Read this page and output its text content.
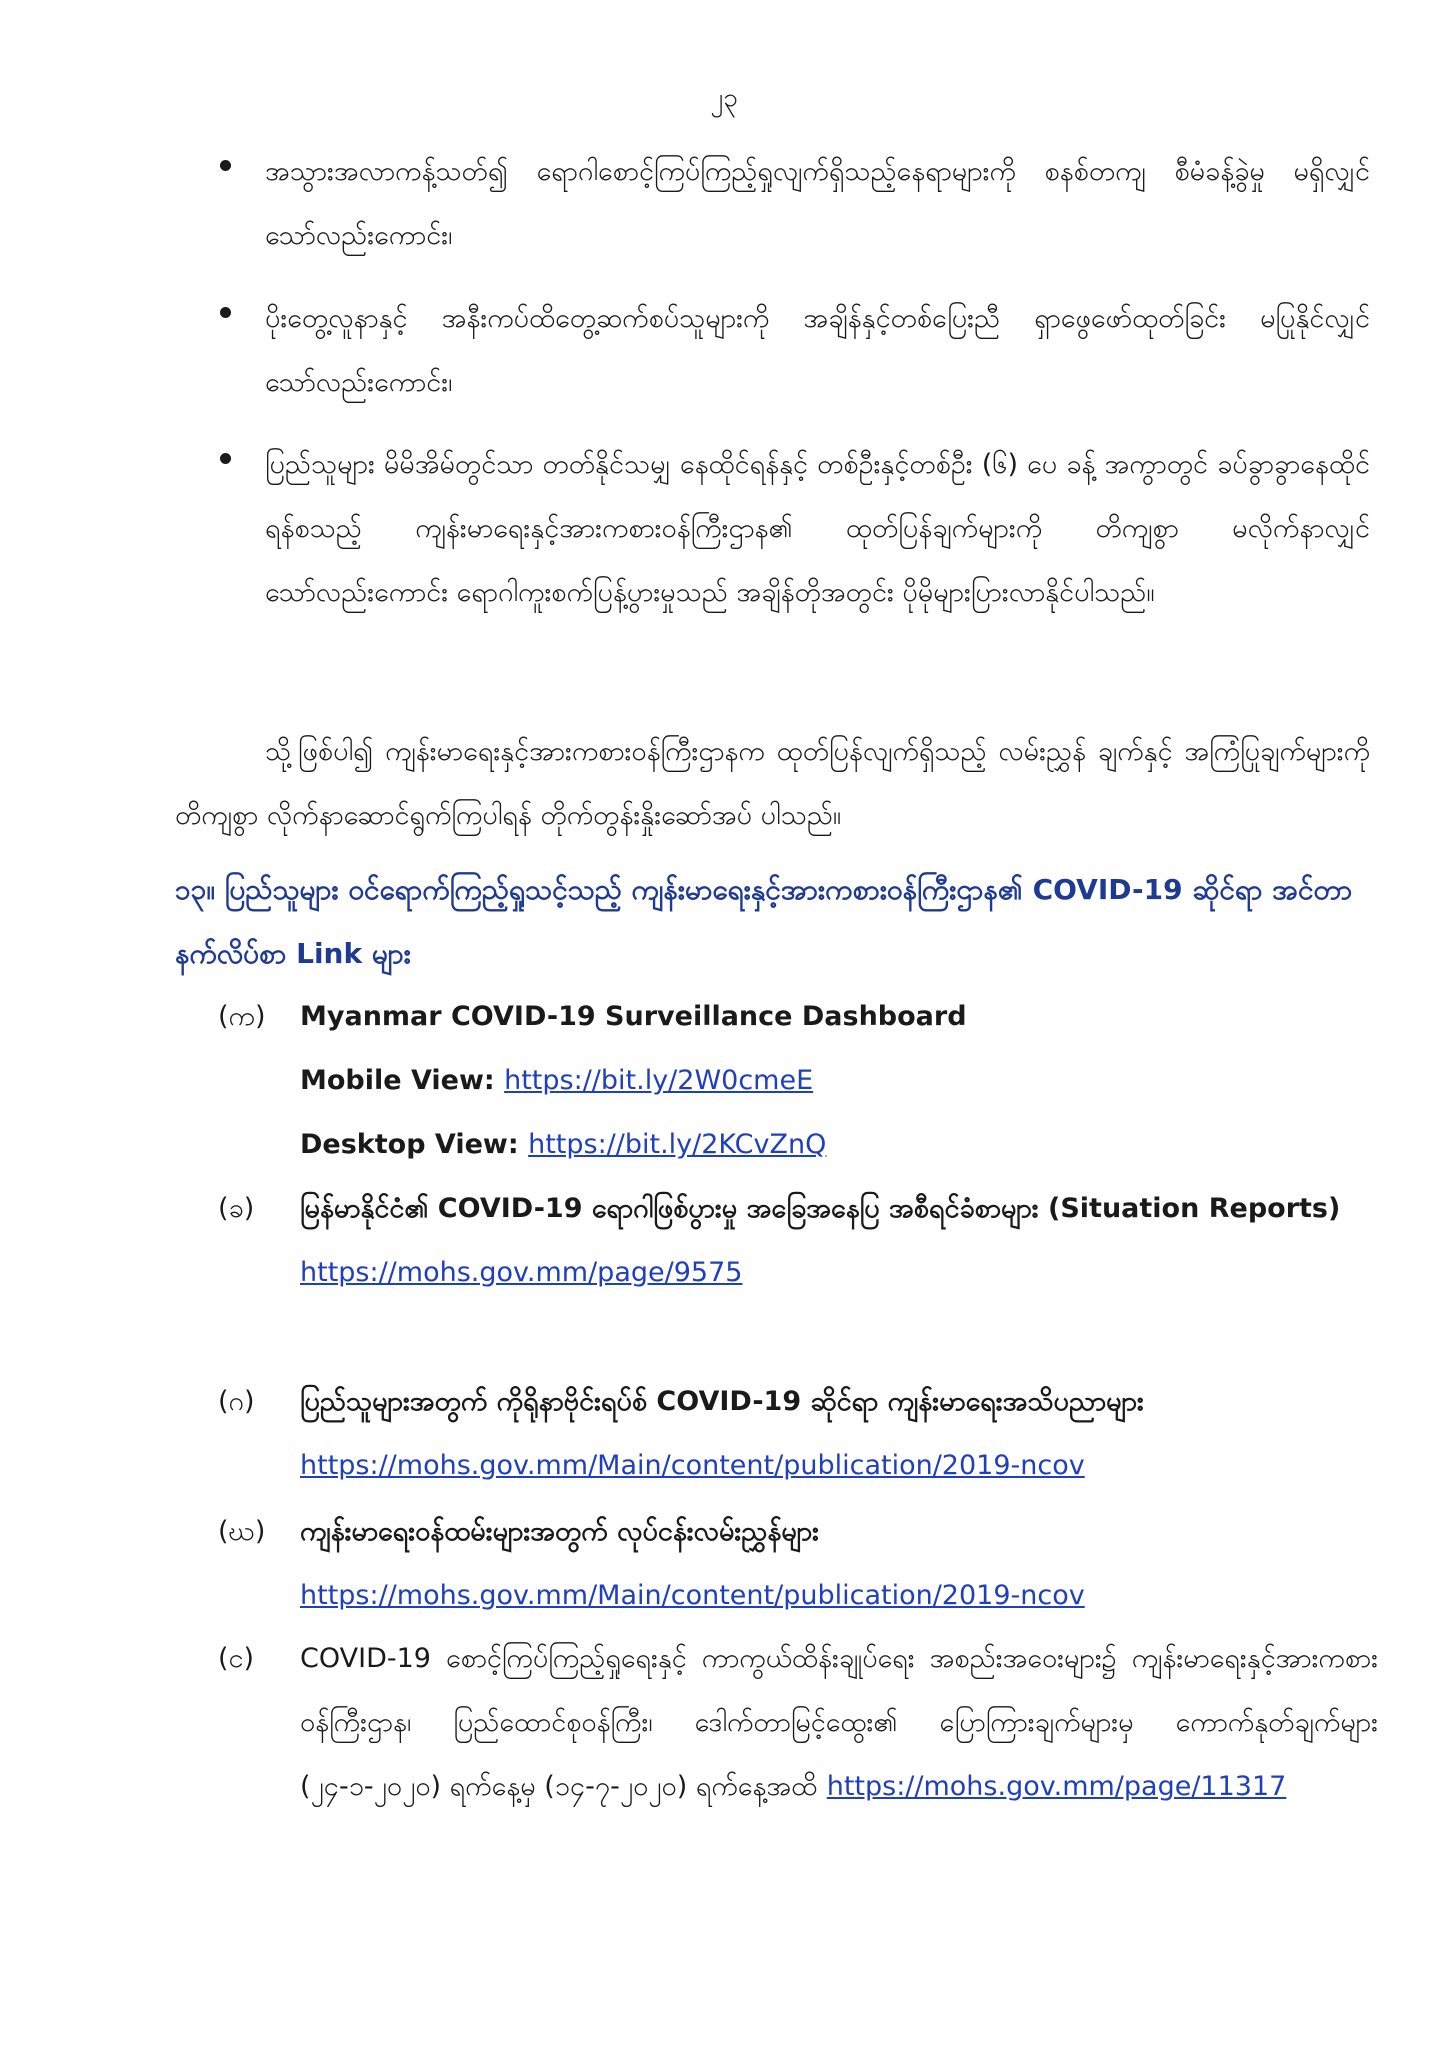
၂၃
အသွားအလာကန့်သတ်၍ ရောဂါစောင့်ကြပ်ကြည့်ရှုလျက်ရှိသည့်နေရာများကို စနစ်တကျ စီမံခန့်ခွဲမှု မရှိလျှင်သော်လည်းကောင်း၊
ပိုးတွေ့လူနာနှင့် အနီးကပ်ထိတွေ့ဆက်စပ်သူများကို အချိန်နှင့်တစ်ပြေးညီ ရှာဖွေဖော်ထုတ်ခြင်း မပြုနိုင်လျှင်သော်လည်းကောင်း၊
ပြည်သူများ မိမိအိမ်တွင်သာ တတ်နိုင်သမျှ နေထိုင်ရန်နှင့် တစ်ဦးနှင့်တစ်ဦး (၆) ပေ ခန့် အကွာတွင် ခပ်ခွာခွာနေထိုင်ရန်စသည့် ကျန်းမာရေးနှင့်အားကစားဝန်ကြီးဌာန၏ ထုတ်ပြန်ချက်များကို တိကျစွာ မလိုက်နာလျှင်သော်လည်းကောင်း ရောဂါကူးစက်ပြန့်ပွားမှုသည် အချိန်တိုအတွင်း ပိုမိုများပြားလာနိုင်ပါသည်။
သို့ဖြစ်ပါ၍ ကျန်းမာရေးနှင့်အားကစားဝန်ကြီးဌာနက ထုတ်ပြန်လျက်ရှိသည့် လမ်းညွှန် ချက်နှင့် အကြံပြုချက်များကို တိကျစွာ လိုက်နာဆောင်ရွက်ကြပါရန် တိုက်တွန်းနှိုးဆော်အပ် ပါသည်။
၁၃။ ပြည်သူများ ဝင်ရောက်ကြည့်ရှုသင့်သည့် ကျန်းမာရေးနှင့်အားကစားဝန်ကြီးဌာန၏ COVID-19 ဆိုင်ရာ အင်တာနက်လိပ်စာ Link များ
(က) Myanmar COVID-19 Surveillance Dashboard
Mobile View: https://bit.ly/2W0cmeE
Desktop View: https://bit.ly/2KCvZnQ
(ခ) မြန်မာနိုင်ငံ၏ COVID-19 ရောဂါဖြစ်ပွားမှု အခြေအနေပြ အစီရင်ခံစာများ (Situation Reports)
https://mohs.gov.mm/page/9575
(ဂ) ပြည်သူများအတွက် ကိုရိုနာဗိုင်းရပ်စ် COVID-19 ဆိုင်ရာ ကျန်းမာရေးအသိပညာများ
https://mohs.gov.mm/Main/content/publication/2019-ncov
(ဃ) ကျန်းမာရေးဝန်ထမ်းများအတွက် လုပ်ငန်းလမ်းညွှန်များ
https://mohs.gov.mm/Main/content/publication/2019-ncov
(င) COVID-19 စောင့်ကြပ်ကြည့်ရှုရေးနှင့် ကာကွယ်ထိန်းချုပ်ရေး အစည်းအဝေးများ၌ ကျန်းမာရေးနှင့်အားကစားဝန်ကြီးဌာန၊ ပြည်ထောင်စုဝန်ကြီး၊ ဒေါက်တာမြင့်ထွေး၏ ပြောကြားချက်များမှ ကောက်နုတ်ချက်များ (၂၄-၁-၂၀၂၀) ရက်နေ့မှ (၁၄-၇-၂၀၂၀) ရက်နေ့အထိ https://mohs.gov.mm/page/11317
